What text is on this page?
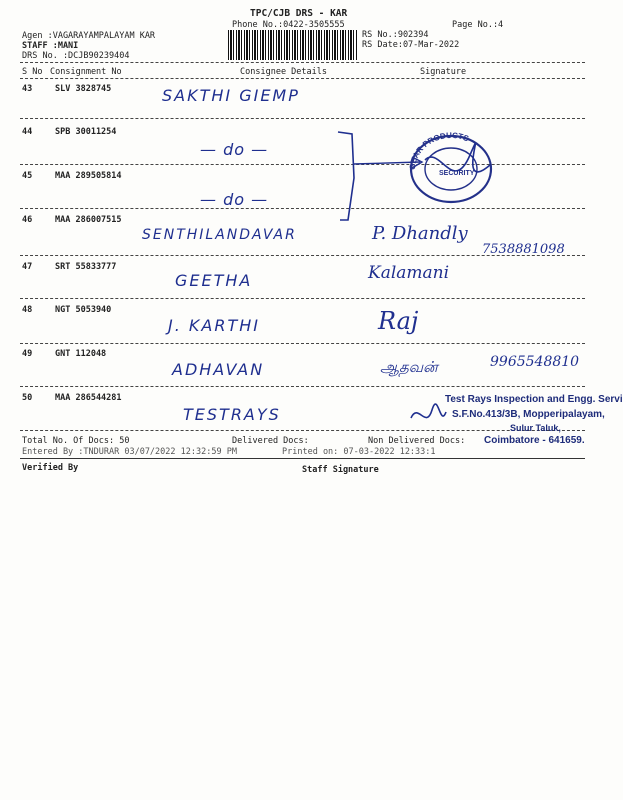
TPC/CJB DRS - KAR
Phone No.:0422-3505555	Page No.:4
Agen :VAGARAYAMPALAYAM KAR
STAFF :MANI
DRS No. :DCJB90239404
RS No.:902394
RS Date:07-Mar-2022
S No Consignment No	Consignee Details	Signature
43	SLV 3828745	SAKTHI GIEMP
44	SPB 30011254
— do —
45	MAA 289505814
— do —
46	MAA 286007515
SENTHILANDAVAR	P. Dhandly
7538881098
47	SRT 55833777
GEETHA	Kalamani
48	NGT 5053940
J. KARTHI	Raj
49	GNT 112048
ADHAVAN	ஆதவன்	9965548810
50	MAA 286544281
TESTRAYS
GEAR PRODUCTS
SECURITY
Test Rays Inspection and Engg. Servi
S.F.No.413/3B, Mopperipalayam,
Sulur Taluk,
Coimbatore - 641659.
Total No. Of Docs: 50	Delivered Docs:	Non Delivered Docs:
Entered By :TNDURAR 03/07/2022 12:32:59 PM	Printed on: 07-03-2022 12:33:1
Verified By	Staff Signature
